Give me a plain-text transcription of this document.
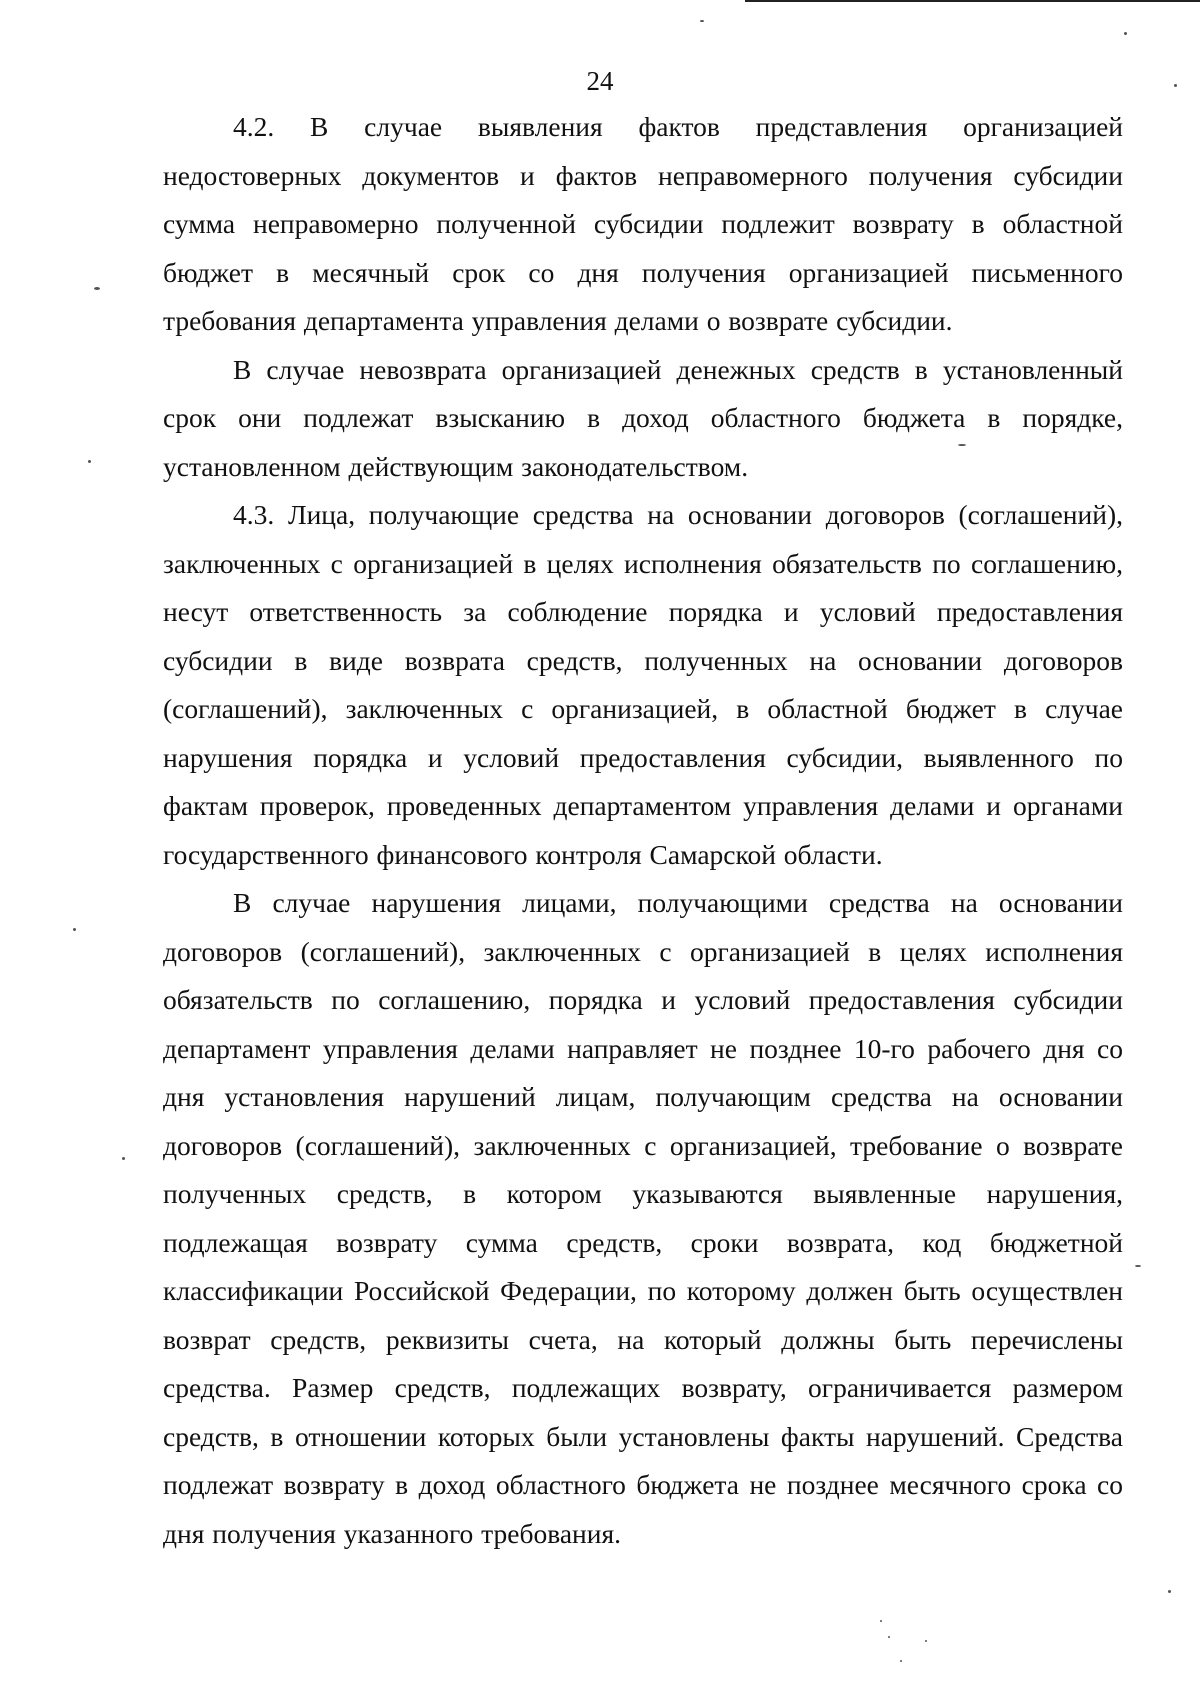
24

4.2. В случае выявления фактов представления организацией недостоверных документов и фактов неправомерного получения субсидии сумма неправомерно полученной субсидии подлежит возврату в областной бюджет в месячный срок со дня получения организацией письменного требования департамента управления делами о возврате субсидии.

В случае невозврата организацией денежных средств в установленный срок они подлежат взысканию в доход областного бюджета в порядке, установленном действующим законодательством.

4.3. Лица, получающие средства на основании договоров (соглашений), заключенных с организацией в целях исполнения обязательств по соглашению, несут ответственность за соблюдение порядка и условий предоставления субсидии в виде возврата средств, полученных на основании договоров (соглашений), заключенных с организацией, в областной бюджет в случае нарушения порядка и условий предоставления субсидии, выявленного по фактам проверок, проведенных департаментом управления делами и органами государственного финансового контроля Самарской области.

В случае нарушения лицами, получающими средства на основании договоров (соглашений), заключенных с организацией в целях исполнения обязательств по соглашению, порядка и условий предоставления субсидии департамент управления делами направляет не позднее 10-го рабочего дня со дня установления нарушений лицам, получающим средства на основании договоров (соглашений), заключенных с организацией, требование о возврате полученных средств, в котором указываются выявленные нарушения, подлежащая возврату сумма средств, сроки возврата, код бюджетной классификации Российской Федерации, по которому должен быть осуществлен возврат средств, реквизиты счета, на который должны быть перечислены средства. Размер средств, подлежащих возврату, ограничивается размером средств, в отношении которых были установлены факты нарушений. Средства подлежат возврату в доход областного бюджета не позднее месячного срока со дня получения указанного требования.
